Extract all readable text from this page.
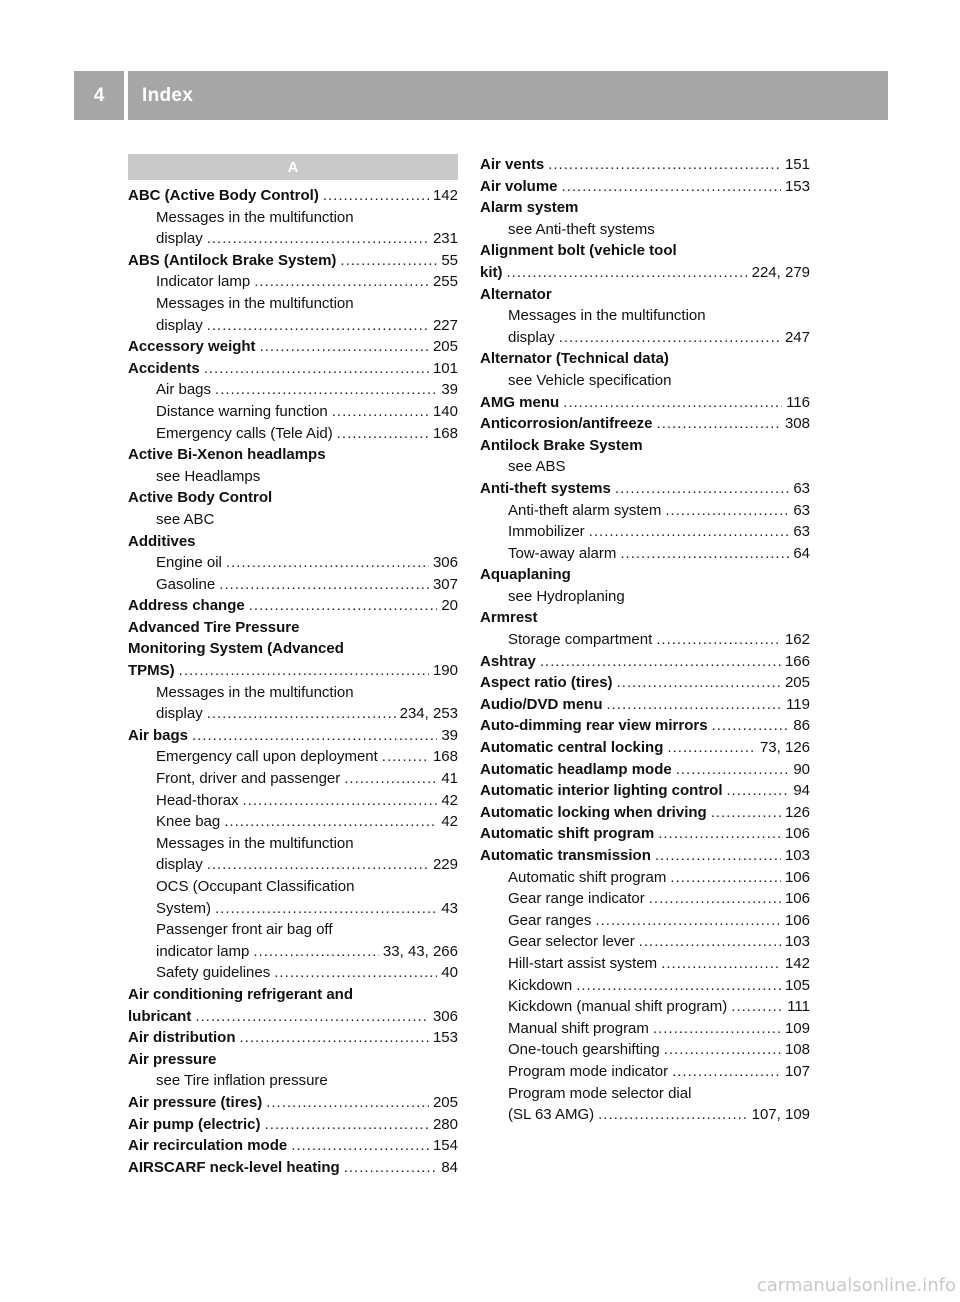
4	Index
A
ABC (Active Body Control) .....	142
Messages in the multifunction
display .....	231
ABS (Antilock Brake System) .....	55
Indicator lamp .....	255
Messages in the multifunction
display .....	227
Accessory weight .....	205
Accidents .....	101
Air bags .....	39
Distance warning function .....	140
Emergency calls (Tele Aid) .....	168
Active Bi-Xenon headlamps
see Headlamps
Active Body Control
see ABC
Additives
Engine oil .....	306
Gasoline .....	307
Address change .....	20
Advanced Tire Pressure
Monitoring System (Advanced
TPMS) .....	190
Messages in the multifunction
display .....	234, 253
Air bags .....	39
Emergency call upon deployment .....	168
Front, driver and passenger .....	41
Head-thorax .....	42
Knee bag .....	42
Messages in the multifunction
display .....	229
OCS (Occupant Classification
System) .....	43
Passenger front air bag off
indicator lamp .....	33, 43, 266
Safety guidelines .....	40
Air conditioning refrigerant and
lubricant .....	306
Air distribution .....	153
Air pressure
see Tire inflation pressure
Air pressure (tires) .....	205
Air pump (electric) .....	280
Air recirculation mode .....	154
AIRSCARF neck-level heating .....	84
Air vents .....	151
Air volume .....	153
Alarm system
see Anti-theft systems
Alignment bolt (vehicle tool
kit) .....	224, 279
Alternator
Messages in the multifunction
display .....	247
Alternator (Technical data)
see Vehicle specification
AMG menu .....	116
Anticorrosion/antifreeze .....	308
Antilock Brake System
see ABS
Anti-theft systems .....	63
Anti-theft alarm system .....	63
Immobilizer .....	63
Tow-away alarm .....	64
Aquaplaning
see Hydroplaning
Armrest
Storage compartment .....	162
Ashtray .....	166
Aspect ratio (tires) .....	205
Audio/DVD menu .....	119
Auto-dimming rear view mirrors .....	86
Automatic central locking .....	73, 126
Automatic headlamp mode .....	90
Automatic interior lighting control .....	94
Automatic locking when driving .....	126
Automatic shift program .....	106
Automatic transmission .....	103
Automatic shift program .....	106
Gear range indicator .....	106
Gear ranges .....	106
Gear selector lever .....	103
Hill-start assist system .....	142
Kickdown .....	105
Kickdown (manual shift program) .....	111
Manual shift program .....	109
One-touch gearshifting .....	108
Program mode indicator .....	107
Program mode selector dial
(SL 63 AMG) .....	107, 109
carmanualsonline.info
